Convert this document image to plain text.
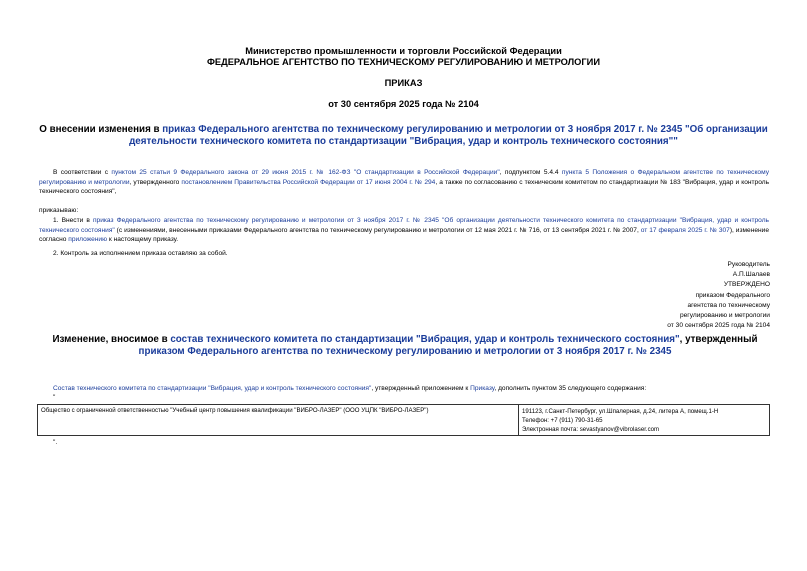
Министерство промышленности и торговли Российской Федерации
ФЕДЕРАЛЬНОЕ АГЕНТСТВО ПО ТЕХНИЧЕСКОМУ РЕГУЛИРОВАНИЮ И МЕТРОЛОГИИ
ПРИКАЗ
от 30 сентября 2025 года № 2104
О внесении изменения в приказ Федерального агентства по техническому регулированию и метрологии от 3 ноября 2017 г. № 2345 "Об организации деятельности технического комитета по стандартизации "Вибрация, удар и контроль технического состояния""
В соответствии с пунктом 25 статьи 9 Федерального закона от 29 июня 2015 г. № 162-ФЗ "О стандартизации в Российской Федерации", подпунктом 5.4.4 пункта 5 Положения о Федеральном агентстве по техническому регулированию и метрологии, утвержденного постановлением Правительства Российской Федерации от 17 июня 2004 г. № 294, а также по согласованию с техническим комитетом по стандартизации № 183 "Вибрация, удар и контроль технического состояния",
приказываю:
1. Внести в приказ Федерального агентства по техническому регулированию и метрологии от 3 ноября 2017 г. № 2345 "Об организации деятельности технического комитета по стандартизации "Вибрация, удар и контроль технического состояния" (с изменениями, внесенными приказами Федерального агентства по техническому регулированию и метрологии от 12 мая 2021 г. № 716, от 13 сентября 2021 г. № 2007, от 17 февраля 2025 г. № 307), изменение согласно приложению к настоящему приказу.
2. Контроль за исполнением приказа оставляю за собой.
Руководитель
А.П.Шалаев
УТВЕРЖДЕНО
приказом Федерального
агентства по техническому
регулированию и метрологии
от 30 сентября 2025 года № 2104
Изменение, вносимое в состав технического комитета по стандартизации "Вибрация, удар и контроль технического состояния", утвержденный приказом Федерального агентства по техническому регулированию и метрологии от 3 ноября 2017 г. № 2345
Состав технического комитета по стандартизации "Вибрация, удар и контроль технического состояния", утвержденный приложением к Приказу, дополнить пунктом 35 следующего содержания:
"
Общество с ограниченной ответственностью "Учебный центр повышения квалификации "ВИБРО-ЛАЗЕР" (ООО УЦПК "ВИБРО-ЛАЗЕР")	191123, г.Санкт-Петербург, ул.Шпалерная, д.24, литера А, помещ.1-Н
Телефон: +7 (911) 790-31-65
Электронная почта: sevastyanov@vibrolaser.com
".
